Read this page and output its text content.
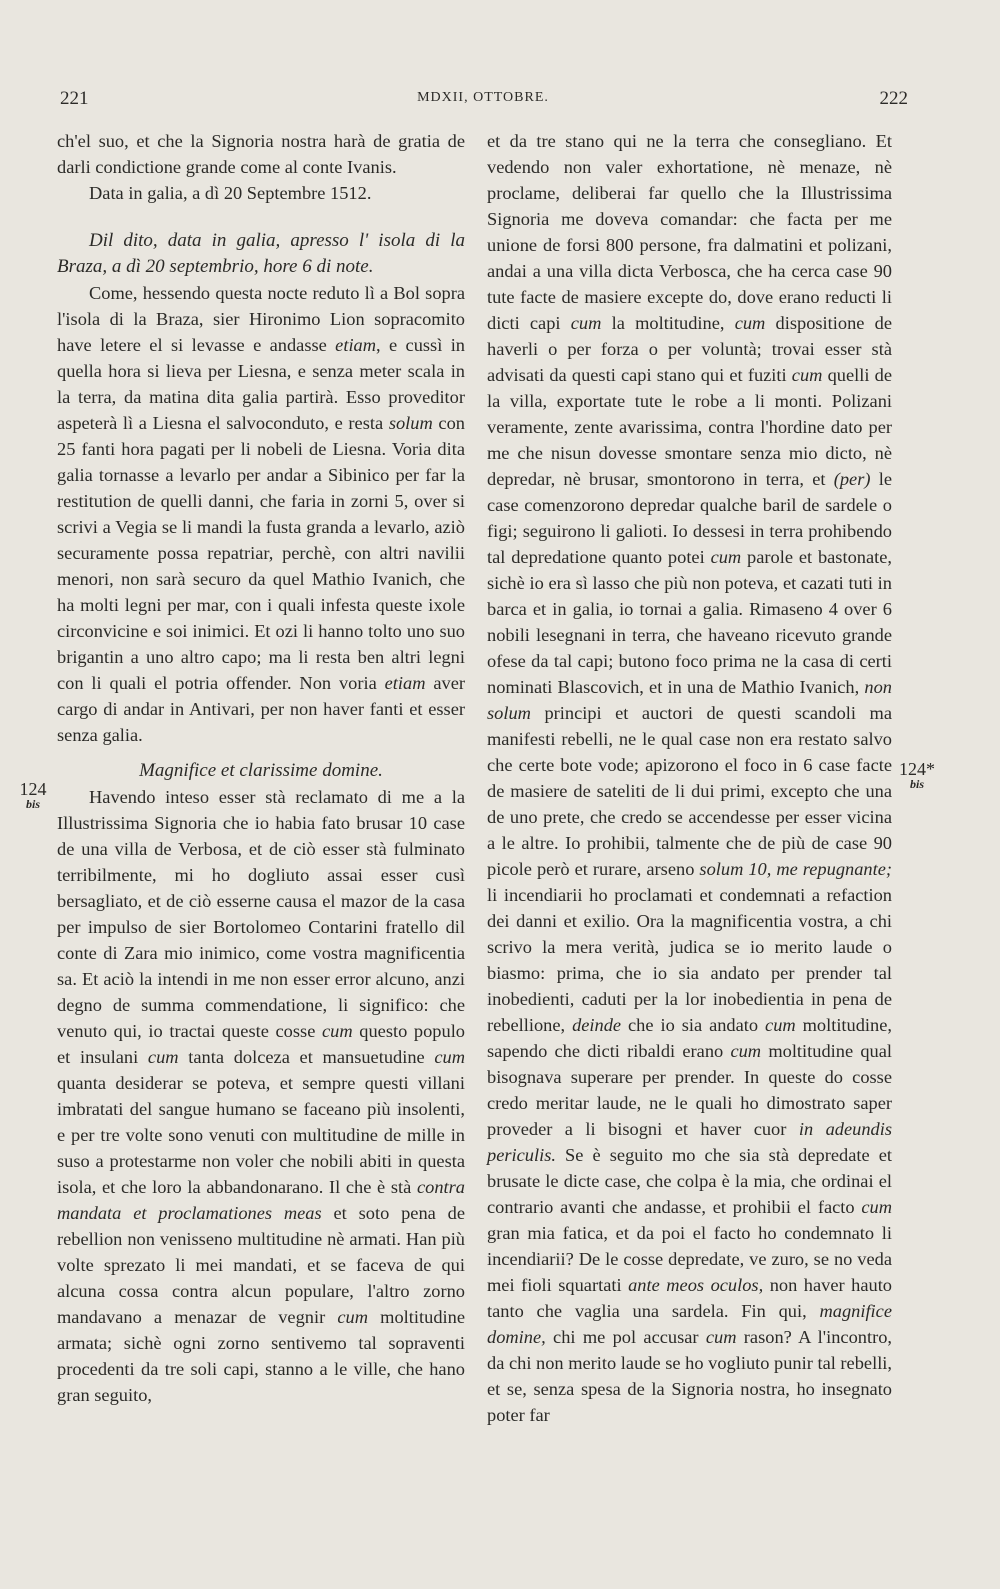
221	MDXII, OTTOBRE.	222
124
bis
124*
bis

ch'el suo, et che la Signoria nostra harà de gratia de darli condictione grande come al conte Ivanis.

Data in galia, a dì 20 Septembre 1512.

Dil dito, data in galia, apresso l' isola di la Braza, a dì 20 septembrio, hore 6 di note.

Come, hessendo questa nocte reduto lì a Bol sopra l'isola di la Braza, sier Hironimo Lion sopracomito have letere el si levasse e andasse etiam, e cussì in quella hora si lieva per Liesna, e senza meter scala in la terra, da matina dita galia partirà. Esso proveditor aspeterà lì a Liesna el salvoconduto, e resta solum con 25 fanti hora pagati per li nobeli de Liesna. Voria dita galia tornasse a levarlo per andar a Sibinico per far la restitution de quelli danni, che faria in zorni 5, over si scrivi a Vegia se li mandi la fusta granda a levarlo, aziò securamente possa repatriar, perchè, con altri navilii menori, non sarà securo da quel Mathio Ivanich, che ha molti legni per mar, con i quali infesta queste ixole circonvicine e soi inimici. Et ozi li hanno tolto uno suo brigantin a uno altro capo; ma li resta ben altri legni con li quali el potria offender. Non voria etiam aver cargo di andar in Antivari, per non haver fanti et esser senza galia.

Magnifice et clarissime domine.

Havendo inteso esser stà reclamato di me a la Illustrissima Signoria che io habia fato brusar 10 case de una villa de Verbosa, et de ciò esser stà fulminato terribilmente, mi ho dogliuto assai esser cusì bersagliato, et de ciò esserne causa el mazor de la casa per impulso de sier Bortolomeo Contarini fratello dil conte di Zara mio inimico, come vostra magnificentia sa. Et aciò la intendi in me non esser error alcuno, anzi degno de summa commendatione, li significo: che venuto qui, io tractai queste cosse cum questo populo et insulani cum tanta dolceza et mansuetudine cum quanta desiderar se poteva, et sempre questi villani imbratati del sangue humano se faceano più insolenti, e per tre volte sono venuti con multitudine de mille in suso a protestarme non voler che nobili abiti in questa isola, et che loro la abbandonarano. Il che è stà contra mandata et proclamationes meas et soto pena de rebellion non venisseno multitudine nè armati. Han più volte sprezato li mei mandati, et se faceva de qui alcuna cossa contra alcun populare, l'altro zorno mandavano a menazar de vegnir cum moltitudine armata; sichè ogni zorno sentivemo tal sopraventi procedenti da tre soli capi, stanno a le ville, che hano gran seguito,

et da tre stano qui ne la terra che consegliano. Et vedendo non valer exhortatione, nè menaze, nè proclame, deliberai far quello che la Illustrissima Signoria me doveva comandar: che facta per me unione de forsi 800 persone, fra dalmatini et polizani, andai a una villa dicta Verbosca, che ha cerca case 90 tute facte de masiere excepte do, dove erano reducti li dicti capi cum la moltitudine, cum dispositione de haverli o per forza o per voluntà; trovai esser stà advisati da questi capi stano qui et fuziti cum quelli de la villa, exportate tute le robe a li monti. Polizani veramente, zente avarissima, contra l'hordine dato per me che nisun dovesse smontare senza mio dicto, nè depredar, nè brusar, smontorono in terra, et (per) le case comenzorono depredar qualche baril de sardele o figi; seguirono li galioti. Io dessesi in terra prohibendo tal depredatione quanto potei cum parole et bastonate, sichè io era sì lasso che più non poteva, et cazati tuti in barca et in galia, io tornai a galia. Rimaseno 4 over 6 nobili lesegnani in terra, che haveano ricevuto grande ofese da tal capi; butono foco prima ne la casa di certi nominati Blascovich, et in una de Mathio Ivanich, non solum principi et auctori de questi scandoli ma manifesti rebelli, ne le qual case non era restato salvo che certe bote vode; apizorono el foco in 6 case facte de masiere de sateliti de li dui primi, excepto che una de uno prete, che credo se accendesse per esser vicina a le altre. Io prohibii, talmente che de più de case 90 picole però et rurare, arseno solum 10, me repugnante; li incendiarii ho proclamati et condemnati a refaction dei danni et exilio. Ora la magnificentia vostra, a chi scrivo la mera verità, judica se io merito laude o biasmo: prima, che io sia andato per prender tal inobedienti, caduti per la lor inobedientia in pena de rebellione, deinde che io sia andato cum moltitudine, sapendo che dicti ribaldi erano cum moltitudine qual bisognava superare per prender. In queste do cosse credo meritar laude, ne le quali ho dimostrato saper proveder a li bisogni et haver cuor in adeundis periculis. Se è seguito mo che sia stà depredate et brusate le dicte case, che colpa è la mia, che ordinai el contrario avanti che andasse, et prohibii el facto cum gran mia fatica, et da poi el facto ho condemnato li incendiarii? De le cosse depredate, ve zuro, se no veda mei fioli squartati ante meos oculos, non haver hauto tanto che vaglia una sardela. Fin qui, magnifice domine, chi me pol accusar cum rason? A l'incontro, da chi non merito laude se ho vogliuto punir tal rebelli, et se, senza spesa de la Signoria nostra, ho insegnato poter far
